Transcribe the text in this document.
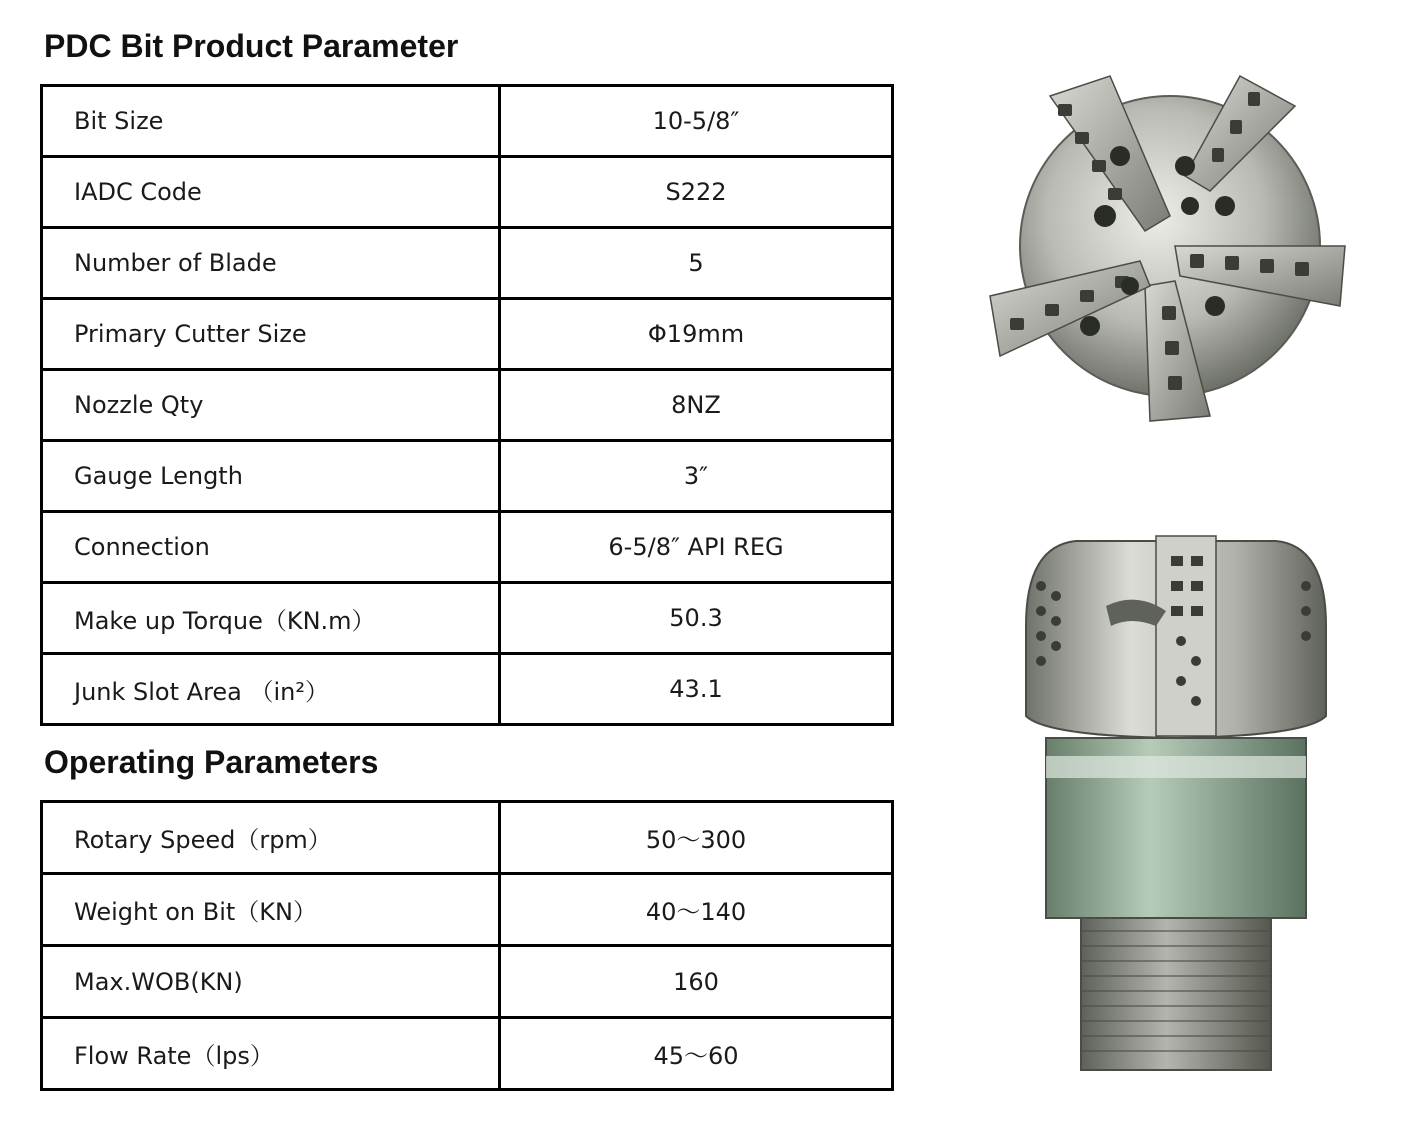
PDC Bit Product Parameter
Bit Size	10-5/8″
IADC Code	S222
Number of Blade	5
Primary Cutter Size	Φ19mm
Nozzle Qty	8NZ
Gauge Length	3″
Connection	6-5/8″ API REG
Make up Torque（KN.m）	50.3
Junk Slot Area （in²）	43.1
Operating Parameters
Rotary Speed（rpm）	50～300
Weight on Bit（KN）	40～140
Max.WOB(KN)	160
Flow Rate（lps）	45～60
